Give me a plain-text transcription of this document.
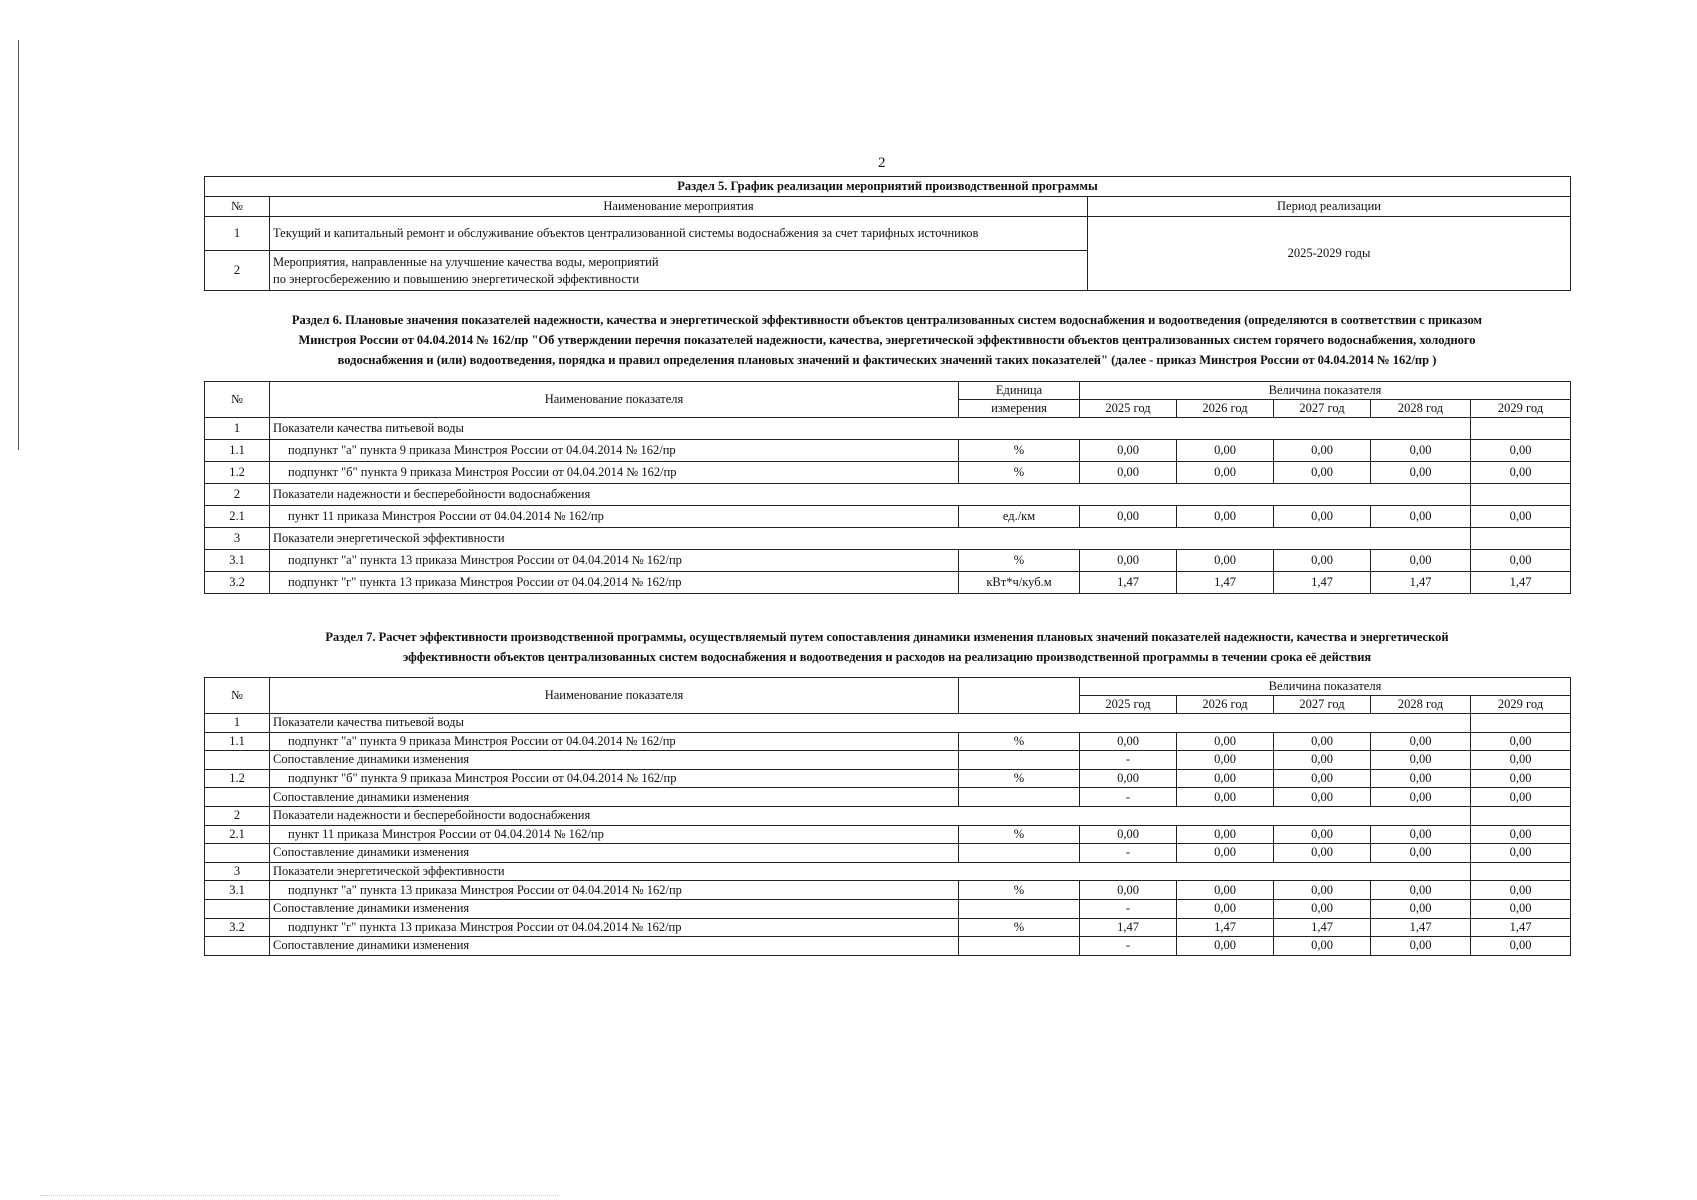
2
Раздел 5. График реализации мероприятий производственной программы		
№	Наименование мероприятия	Период реализации
1	Текущий и капитальный ремонт и обслуживание объектов централизованной системы водоснабжения за счет тарифных источников	2025-2029 годы
2	Мероприятия, направленные на улучшение качества воды, мероприятий
по энергосбережению и повышению энергетической эффективности	
Раздел 6. Плановые значения показателей надежности, качества и энергетической эффективности объектов централизованных систем водоснабжения и водоотведения (определяются в соответствии с приказом
Минстроя России от 04.04.2014 № 162/пр "Об утверждении перечня показателей надежности, качества, энергетической эффективности объектов централизованных систем горячего водоснабжения, холодного
водоснабжения и (или) водоотведения, порядка и правил определения плановых значений и фактических значений таких показателей" (далее - приказ Минстроя России от 04.04.2014 № 162/пр )
№	Наименование показателя	Единица	Величина показателя				
		измерения	2025 год	2026 год	2027 год	2028 год	2029 год
1	Показатели качества питьевой воды						
1.1	подпункт "а" пункта 9 приказа Минстроя России от 04.04.2014 № 162/пр	%	0,00	0,00	0,00	0,00	0,00
1.2	подпункт "б" пункта 9 приказа Минстроя России от 04.04.2014 № 162/пр	%	0,00	0,00	0,00	0,00	0,00
2	Показатели надежности и бесперебойности водоснабжения						
2.1	пункт 11 приказа Минстроя России от 04.04.2014 № 162/пр	ед./км	0,00	0,00	0,00	0,00	0,00
3	Показатели энергетической эффективности						
3.1	подпункт "а" пункта 13 приказа Минстроя России от 04.04.2014 № 162/пр	%	0,00	0,00	0,00	0,00	0,00
3.2	подпункт "г" пункта 13 приказа Минстроя России от 04.04.2014 № 162/пр	кВт*ч/куб.м	1,47	1,47	1,47	1,47	1,47
Раздел 7. Расчет эффективности производственной программы, осуществляемый путем сопоставления динамики изменения плановых значений показателей надежности, качества и энергетической
эффективности объектов централизованных систем водоснабжения и водоотведения и расходов на реализацию производственной программы в течении срока её действия
№	Наименование показателя		Величина показателя				
			2025 год	2026 год	2027 год	2028 год	2029 год
1	Показатели качества питьевой воды						
1.1	подпункт "а" пункта 9 приказа Минстроя России от 04.04.2014 № 162/пр	%	0,00	0,00	0,00	0,00	0,00
	Сопоставление динамики изменения		-	0,00	0,00	0,00	0,00
1.2	подпункт "б" пункта 9 приказа Минстроя России от 04.04.2014 № 162/пр	%	0,00	0,00	0,00	0,00	0,00
	Сопоставление динамики изменения		-	0,00	0,00	0,00	0,00
2	Показатели надежности и бесперебойности водоснабжения						
2.1	пункт 11 приказа Минстроя России от 04.04.2014 № 162/пр	%	0,00	0,00	0,00	0,00	0,00
	Сопоставление динамики изменения		-	0,00	0,00	0,00	0,00
3	Показатели энергетической эффективности						
3.1	подпункт "а" пункта 13 приказа Минстроя России от 04.04.2014 № 162/пр	%	0,00	0,00	0,00	0,00	0,00
	Сопоставление динамики изменения		-	0,00	0,00	0,00	0,00
3.2	подпункт "г" пункта 13 приказа Минстроя России от 04.04.2014 № 162/пр	%	1,47	1,47	1,47	1,47	1,47
	Сопоставление динамики изменения		-	0,00	0,00	0,00	0,00
